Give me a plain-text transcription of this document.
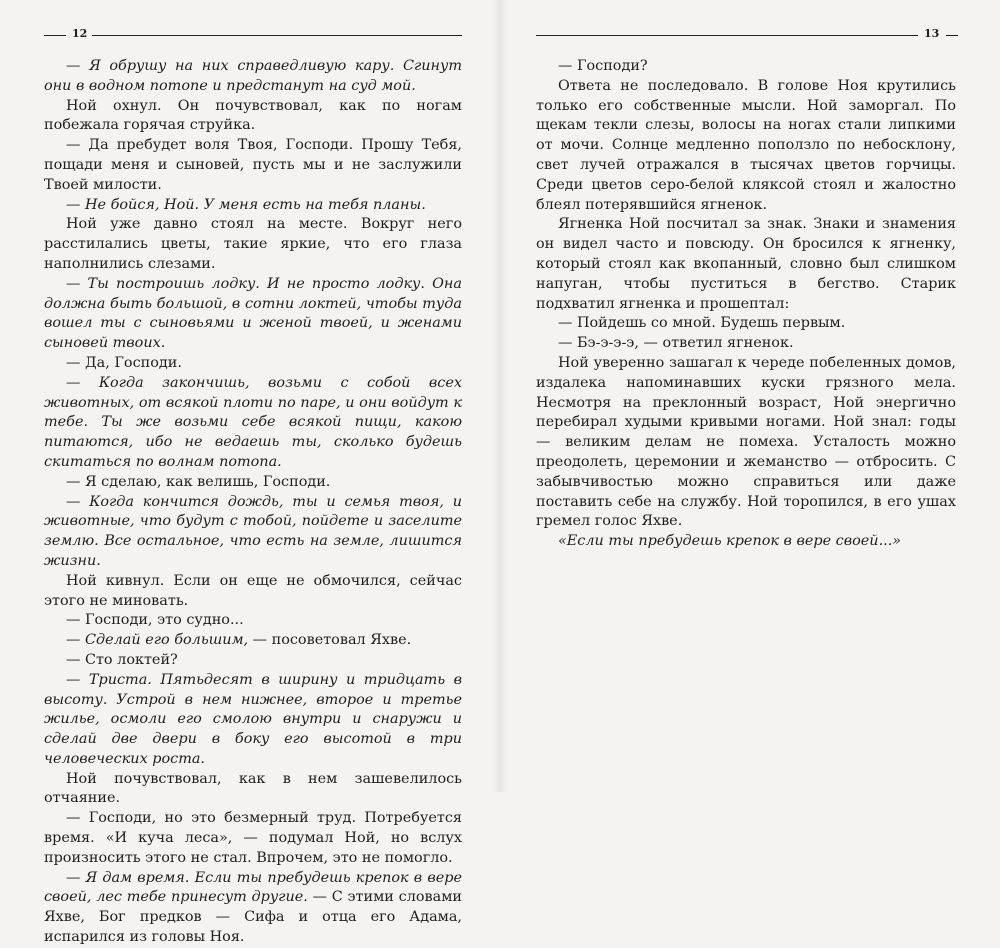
12

— Я обрушу на них справедливую кару. Сгинут они в водном потопе и предстанут на суд мой.

Ной охнул. Он почувствовал, как по ногам побежала горячая струйка.

— Да пребудет воля Твоя, Господи. Прошу Тебя, пощади меня и сыновей, пусть мы и не заслужили Твоей милости.

— Не бойся, Ной. У меня есть на тебя планы.

Ной уже давно стоял на месте. Вокруг него расстилались цветы, такие яркие, что его глаза наполнились слезами.

— Ты построишь лодку. И не просто лодку. Она должна быть большой, в сотни локтей, чтобы туда вошел ты с сыновьями и женой твоей, и женами сыновей твоих.

— Да, Господи.

— Когда закончишь, возьми с собой всех животных, от всякой плоти по паре, и они войдут к тебе. Ты же возьми себе всякой пищи, какою питаются, ибо не ведаешь ты, сколько будешь скитаться по волнам потопа.

— Я сделаю, как велишь, Господи.

— Когда кончится дождь, ты и семья твоя, и животные, что будут с тобой, пойдете и заселите землю. Все остальное, что есть на земле, лишится жизни.

Ной кивнул. Если он еще не обмочился, сейчас этого не миновать.

— Господи, это судно...

— Сделай его большим, — посоветовал Яхве.

— Сто локтей?

— Триста. Пятьдесят в ширину и тридцать в высоту. Устрой в нем нижнее, второе и третье жилье, осмоли его смолою внутри и снаружи и сделай две двери в боку его высотой в три человеческих роста.

Ной почувствовал, как в нем зашевелилось отчаяние.

— Господи, но это безмерный труд. Потребуется время. «И куча леса», — подумал Ной, но вслух произносить этого не стал. Впрочем, это не помогло.

— Я дам время. Если ты пребудешь крепок в вере своей, лес тебе принесут другие. — С этими словами Яхве, Бог предков — Сифа и отца его Адама, испарился из головы Ноя.

13

— Господи?

Ответа не последовало. В голове Ноя крутились только его собственные мысли. Ной заморгал. По щекам текли слезы, волосы на ногах стали липкими от мочи. Солнце медленно поползло по небосклону, свет лучей отражался в тысячах цветов горчицы. Среди цветов серо-белой кляксой стоял и жалостно блеял потерявшийся ягненок.

Ягненка Ной посчитал за знак. Знаки и знамения он видел часто и повсюду. Он бросился к ягненку, который стоял как вкопанный, словно был слишком напуган, чтобы пуститься в бегство. Старик подхватил ягненка и прошептал:

— Пойдешь со мной. Будешь первым.

— Бэ-э-э-э, — ответил ягненок.

Ной уверенно зашагал к череде побеленных домов, издалека напоминавших куски грязного мела. Несмотря на преклонный возраст, Ной энергично перебирал худыми кривыми ногами. Ной знал: годы — великим делам не помеха. Усталость можно преодолеть, церемонии и жеманство — отбросить. С забывчивостью можно справиться или даже поставить себе на службу. Ной торопился, в его ушах гремел голос Яхве.

«Если ты пребудешь крепок в вере своей...»
